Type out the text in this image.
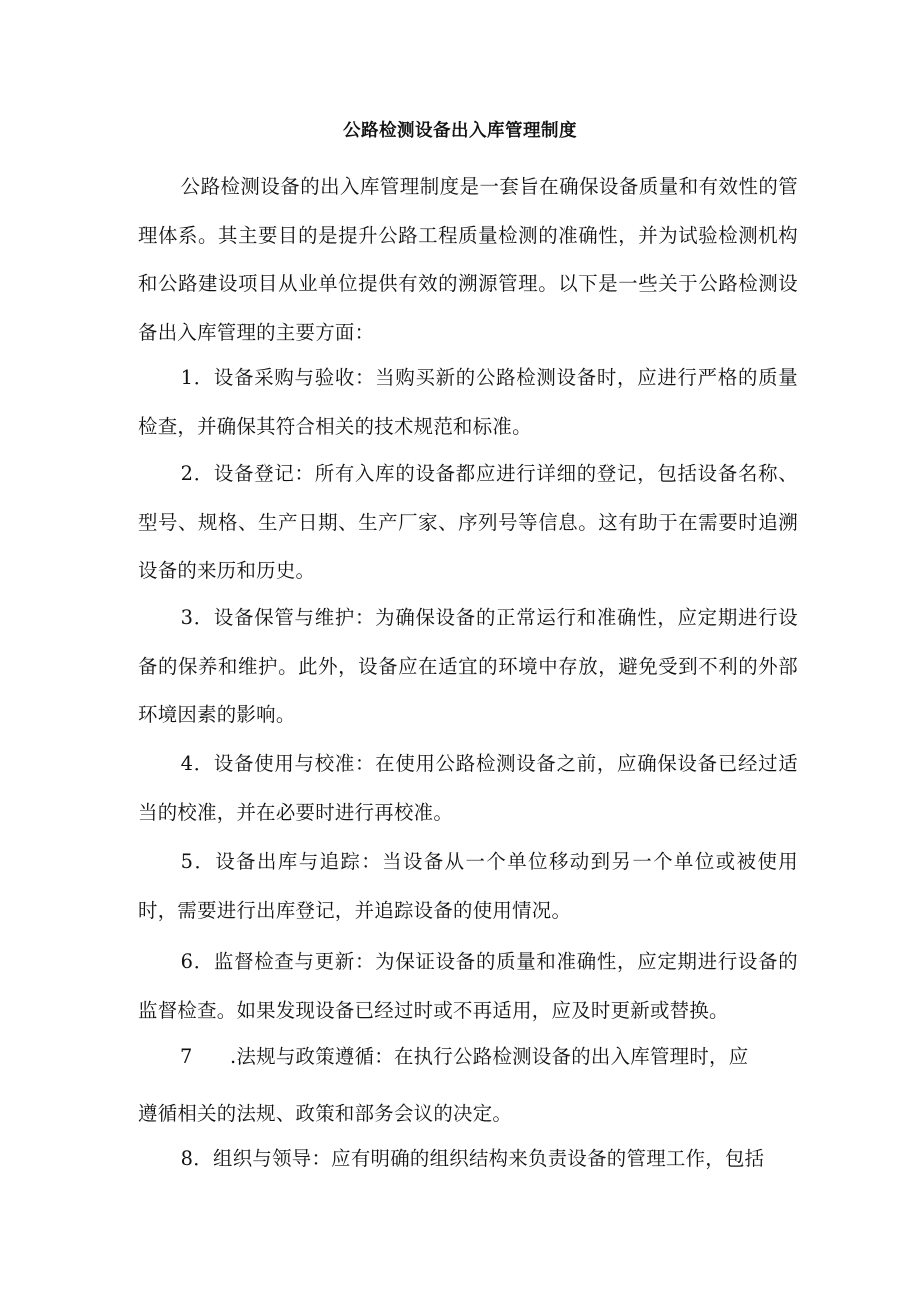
公路检测设备出入库管理制度

公路检测设备的出入库管理制度是一套旨在确保设备质量和有效性的管理体系。其主要目的是提升公路工程质量检测的准确性，并为试验检测机构和公路建设项目从业单位提供有效的溯源管理。以下是一些关于公路检测设备出入库管理的主要方面：

1．设备采购与验收：当购买新的公路检测设备时，应进行严格的质量检查，并确保其符合相关的技术规范和标准。

2．设备登记：所有入库的设备都应进行详细的登记，包括设备名称、型号、规格、生产日期、生产厂家、序列号等信息。这有助于在需要时追溯设备的来历和历史。

3．设备保管与维护：为确保设备的正常运行和准确性，应定期进行设备的保养和维护。此外，设备应在适宜的环境中存放，避免受到不利的外部环境因素的影响。

4．设备使用与校准：在使用公路检测设备之前，应确保设备已经过适当的校准，并在必要时进行再校准。

5．设备出库与追踪：当设备从一个单位移动到另一个单位或被使用时，需要进行出库登记，并追踪设备的使用情况。

6．监督检查与更新：为保证设备的质量和准确性，应定期进行设备的监督检查。如果发现设备已经过时或不再适用，应及时更新或替换。

7 .法规与政策遵循：在执行公路检测设备的出入库管理时，应
遵循相关的法规、政策和部务会议的决定。

8．组织与领导：应有明确的组织结构来负责设备的管理工作，包括
